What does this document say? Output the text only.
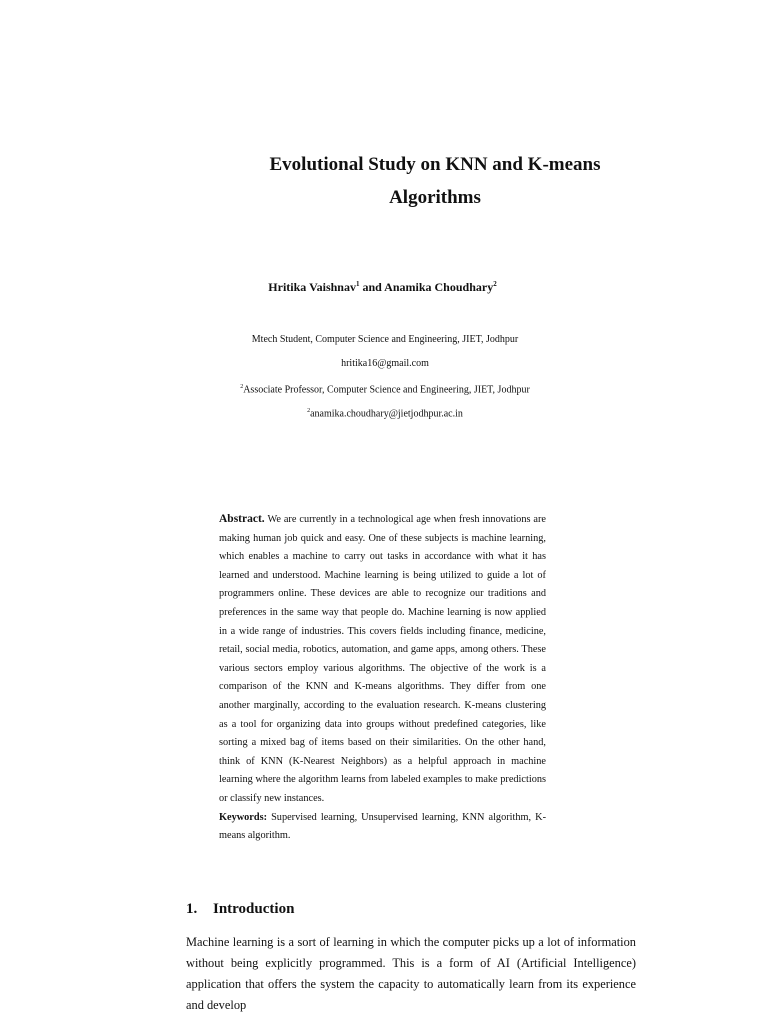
Evolutional Study on KNN and K-means
Algorithms
Hritika Vaishnav$^1$ and Anamika Choudhary$^2$
Mtech Student, Computer Science and Engineering, JIET, Jodhpur
hritika16@gmail.com
$^2$Associate Professor, Computer Science and Engineering, JIET, Jodhpur
$^2$anamika.choudhary@jietjodhpur.ac.in

Abstract. We are currently in a technological age when fresh innovations are making human job quick and easy. One of these subjects is machine learning, which enables a machine to carry out tasks in accordance with what it has learned and understood. Machine learning is being utilized to guide a lot of programmers online. These devices are able to recognize our traditions and preferences in the same way that people do. Machine learning is now applied in a wide range of industries. This covers fields including finance, medicine, retail, social media, robotics, automation, and game apps, among others. These various sectors employ various algorithms. The objective of the work is a comparison of the KNN and K-means algorithms. They differ from one another marginally, according to the evaluation research. K-means clustering as a tool for organizing data into groups without predefined categories, like sorting a mixed bag of items based on their similarities. On the other hand, think of KNN (K-Nearest Neighbors) as a helpful approach in machine learning where the algorithm learns from labeled examples to make predictions or classify new instances.

Keywords: Supervised learning, Unsupervised learning, KNN algorithm, K-means algorithm.

1. Introduction

Machine learning is a sort of learning in which the computer picks up a lot of information without being explicitly programmed. This is a form of AI (Artificial Intelligence) application that offers the system the capacity to automatically learn from its experience and develop
